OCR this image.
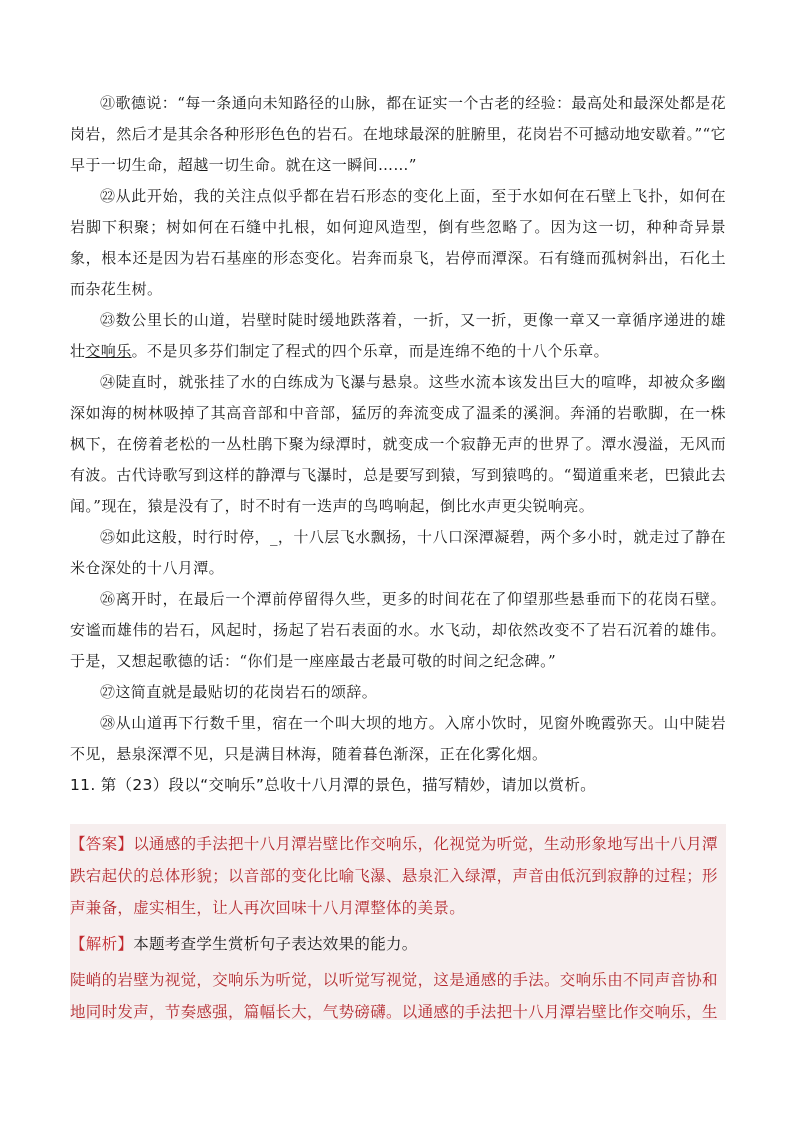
㉑歌德说：“每一条通向未知路径的山脉，都在证实一个古老的经验：最高处和最深处都是花岗岩，然后才是其余各种形形色色的岩石。在地球最深的脏腑里，花岗岩不可撼动地安歇着。”“它早于一切生命，超越一切生命。就在这一瞬间……”

㉒从此开始，我的关注点似乎都在岩石形态的变化上面，至于水如何在石壁上飞扑，如何在岩脚下积聚；树如何在石缝中扎根，如何迎风造型，倒有些忽略了。因为这一切，种种奇异景象，根本还是因为岩石基座的形态变化。岩奔而泉飞，岩停而潭深。石有缝而孤树斜出，石化土而杂花生树。

㉓数公里长的山道，岩壁时陡时缓地跌落着，一折，又一折，更像一章又一章循序递进的雄壮交响乐。不是贝多芬们制定了程式的四个乐章，而是连绵不绝的十八个乐章。

㉔陡直时，就张挂了水的白练成为飞瀑与悬泉。这些水流本该发出巨大的喧哗，却被众多幽深如海的树林吸掉了其高音部和中音部，猛厉的奔流变成了温柔的溪涧。奔涌的岩歌脚，在一株枫下，在傍着老松的一丛杜鹃下聚为绿潭时，就变成一个寂静无声的世界了。潭水漫溢，无风而有波。古代诗歌写到这样的静潭与飞瀑时，总是要写到猿，写到猿鸣的。“蜀道重来老，巴猿此去闻。”现在，猿是没有了，时不时有一迭声的鸟鸣响起，倒比水声更尖锐响亮。

㉕如此这般，时行时停，_，十八层飞水飘扬，十八口深潭凝碧，两个多小时，就走过了静在米仓深处的十八月潭。

㉖离开时，在最后一个潭前停留得久些，更多的时间花在了仰望那些悬垂而下的花岗石壁。安谧而雄伟的岩石，风起时，扬起了岩石表面的水。水飞动，却依然改变不了岩石沉着的雄伟。于是，又想起歌德的话：“你们是一座座最古老最可敬的时间之纪念碑。”

㉗这简直就是最贴切的花岗岩石的颂辞。

㉘从山道再下行数千里，宿在一个叫大坝的地方。入席小饮时，见窗外晚霞弥天。山中陡岩不见，悬泉深潭不见，只是满目林海，随着暮色渐深，正在化雾化烟。

11. 第（23）段以“交响乐”总收十八月潭的景色，描写精妙，请加以赏析。

【答案】以通感的手法把十八月潭岩壁比作交响乐，化视觉为听觉，生动形象地写出十八月潭跌宕起伏的总体形貌；以音部的变化比喻飞瀑、悬泉汇入绿潭，声音由低沉到寂静的过程；形声兼备，虚实相生，让人再次回味十八月潭整体的美景。

【解析】本题考查学生赏析句子表达效果的能力。

陡峭的岩壁为视觉，交响乐为听觉，以听觉写视觉，这是通感的手法。交响乐由不同声音协和地同时发声，节奏感强，篇幅长大，气势磅礴。以通感的手法把十八月潭岩壁比作交响乐，生
